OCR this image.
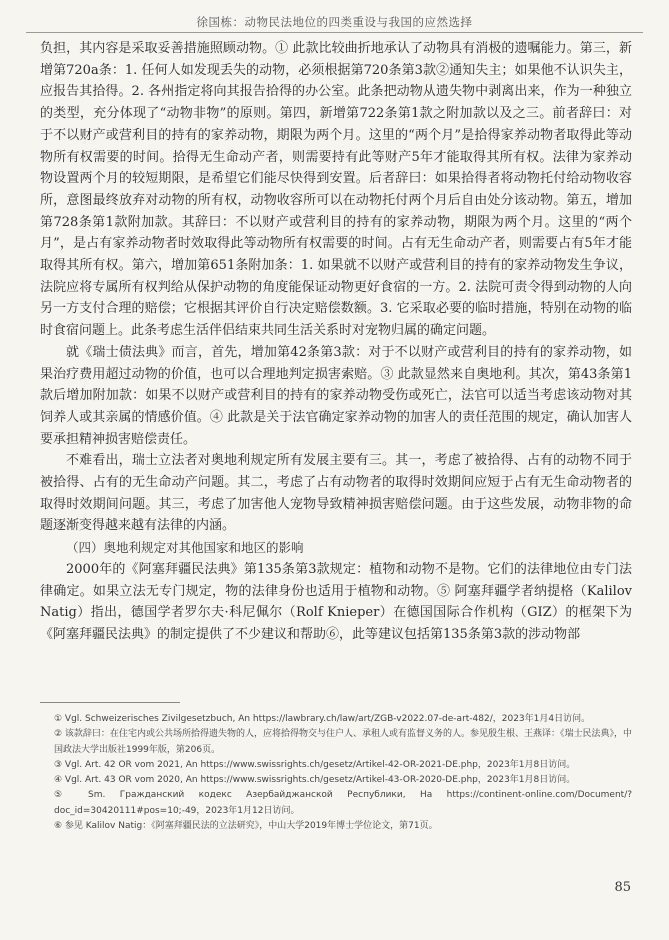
徐国栋：动物民法地位的四类重设与我国的应然选择

负担，其内容是采取妥善措施照顾动物。① 此款比较曲折地承认了动物具有消极的遗嘱能力。第三，新增第720a条：1. 任何人如发现丢失的动物，必须根据第720条第3款②通知失主；如果他不认识失主，应报告其拾得。2. 各州指定将向其报告拾得的办公室。此条把动物从遗失物中剥离出来，作为一种独立的类型，充分体现了“动物非物”的原则。第四，新增第722条第1款之附加款以及之三。前者辞曰：对于不以财产或营利目的持有的家养动物，期限为两个月。这里的“两个月”是拾得家养动物者取得此等动物所有权需要的时间。拾得无生命动产者，则需要持有此等财产5年才能取得其所有权。法律为家养动物设置两个月的较短期限，是希望它们能尽快得到安置。后者辞曰：如果拾得者将动物托付给动物收容所，意图最终放弃对动物的所有权，动物收容所可以在动物托付两个月后自由处分该动物。第五，增加第728条第1款附加款。其辞曰：不以财产或营利目的持有的家养动物，期限为两个月。这里的“两个月”，是占有家养动物者时效取得此等动物所有权需要的时间。占有无生命动产者，则需要占有5年才能取得其所有权。第六，增加第651条附加条：1. 如果就不以财产或营利目的持有的家养动物发生争议，法院应将专属所有权判给从保护动物的角度能保证动物更好食宿的一方。2. 法院可责令得到动物的人向另一方支付合理的赔偿；它根据其评价自行决定赔偿数额。3. 它采取必要的临时措施，特别在动物的临时食宿问题上。此条考虑生活伴侣结束共同生活关系时对宠物归属的确定问题。

就《瑞士债法典》而言，首先，增加第42条第3款：对于不以财产或营利目的持有的家养动物，如果治疗费用超过动物的价值，也可以合理地判定损害索赔。③ 此款显然来自奥地利。其次，第43条第1款后增加附加款：如果不以财产或营利目的持有的家养动物受伤或死亡，法官可以适当考虑该动物对其饲养人或其亲属的情感价值。④ 此款是关于法官确定家养动物的加害人的责任范围的规定，确认加害人要承担精神损害赔偿责任。

不难看出，瑞士立法者对奥地利规定所有发展主要有三。其一，考虑了被拾得、占有的动物不同于被拾得、占有的无生命动产问题。其二，考虑了占有动物者的取得时效期间应短于占有无生命动物者的取得时效期间问题。其三，考虑了加害他人宠物导致精神损害赔偿问题。由于这些发展，动物非物的命题逐渐变得越来越有法律的内涵。

（四）奥地利规定对其他国家和地区的影响

2000年的《阿塞拜疆民法典》第135条第3款规定：植物和动物不是物。它们的法律地位由专门法律确定。如果立法无专门规定，物的法律身份也适用于植物和动物。⑤ 阿塞拜疆学者纳提格（Kalilov Natig）指出，德国学者罗尔夫·科尼佩尔（Rolf Knieper）在德国国际合作机构（GIZ）的框架下为《阿塞拜疆民法典》的制定提供了不少建议和帮助⑥，此等建议包括第135条第3款的涉动物部

① Vgl. Schweizerisches Zivilgesetzbuch, An https://lawbrary.ch/law/art/ZGB-v2022.07-de-art-482/，2023年1月4日访问。

② 该款辞曰：在住宅内或公共场所拾得遗失物的人，应将拾得物交与住户人、承租人或有监督义务的人。参见殷生根、王燕译：《瑞士民法典》，中国政法大学出版社1999年版，第206页。

③ Vgl. Art. 42 OR vom 2021, An https://www.swissrights.ch/gesetz/Artikel-42-OR-2021-DE.php，2023年1月8日访问。

④ Vgl. Art. 43 OR vom 2020, An https://www.swissrights.ch/gesetz/Artikel-43-OR-2020-DE.php，2023年1月8日访问。

⑤ Sm. Гражданский кодекс Азербайджанской Республики, На https://continent-online.com/Document/?doc_id=30420111#pos=10;-49，2023年1月12日访问。

⑥ 参见 Kalilov Natig：《阿塞拜疆民法的立法研究》，中山大学2019年博士学位论文，第71页。

85
